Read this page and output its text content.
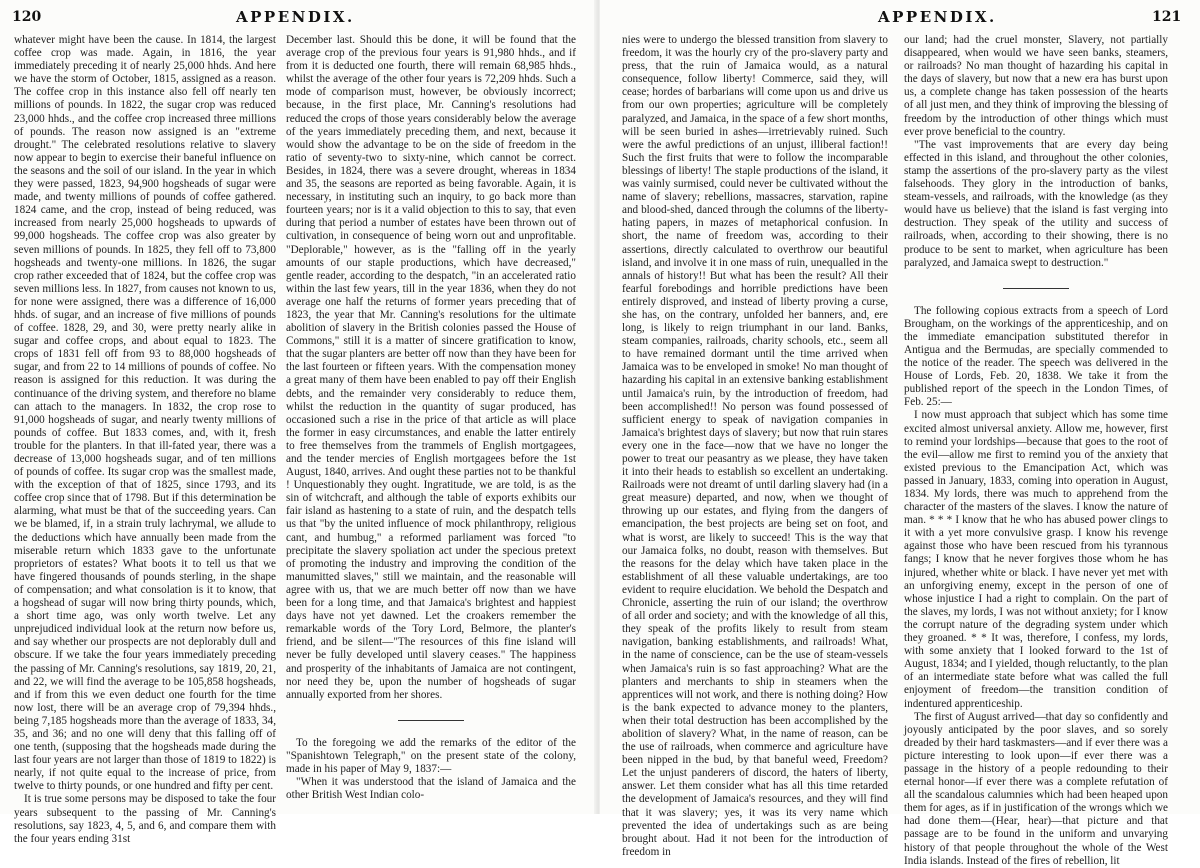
120	APPENDIX.

whatever might have been the cause. In 1814, the largest coffee crop was made. Again, in 1816, the year immediately preceding it of nearly 25,000 hhds. And here we have the storm of October, 1815, assigned as a reason. The coffee crop in this instance also fell off nearly ten millions of pounds. In 1822, the sugar crop was reduced 23,000 hhds., and the coffee crop increased three millions of pounds. The reason now assigned is an "extreme drought." The celebrated resolutions relative to slavery now appear to begin to exercise their baneful influence on the seasons and the soil of our island. In the year in which they were passed, 1823, 94,900 hogsheads of sugar were made, and twenty millions of pounds of coffee gathered. 1824 came, and the crop, instead of being reduced, was increased from nearly 25,000 hogsheads to upwards of 99,000 hogsheads. The coffee crop was also greater by seven millions of pounds. In 1825, they fell off to 73,800 hogsheads and twenty-one millions. In 1826, the sugar crop rather exceeded that of 1824, but the coffee crop was seven millions less. In 1827, from causes not known to us, for none were assigned, there was a difference of 16,000 hhds. of sugar, and an increase of five millions of pounds of coffee. 1828, 29, and 30, were pretty nearly alike in sugar and coffee crops, and about equal to 1823. The crops of 1831 fell off from 93 to 88,000 hogsheads of sugar, and from 22 to 14 millions of pounds of coffee. No reason is assigned for this reduction. It was during the continuance of the driving system, and therefore no blame can attach to the managers. In 1832, the crop rose to 91,000 hogsheads of sugar, and nearly twenty millions of pounds of coffee. But 1833 comes, and, with it, fresh trouble for the planters. In that ill-fated year, there was a decrease of 13,000 hogsheads sugar, and of ten millions of pounds of coffee. Its sugar crop was the smallest made, with the exception of that of 1825, since 1793, and its coffee crop since that of 1798. But if this determination be alarming, what must be that of the succeeding years. Can we be blamed, if, in a strain truly lachrymal, we allude to the deductions which have annually been made from the miserable return which 1833 gave to the unfortunate proprietors of estates? What boots it to tell us that we have fingered thousands of pounds sterling, in the shape of compensation; and what consolation is it to know, that a hogshead of sugar will now bring thirty pounds, which, a short time ago, was only worth twelve. Let any unprejudiced individual look at the return now before us, and say whether our prospects are not deplorably dull and obscure. If we take the four years immediately preceding the passing of Mr. Canning's resolutions, say 1819, 20, 21, and 22, we will find the average to be 105,858 hogsheads, and if from this we even deduct one fourth for the time now lost, there will be an average crop of 79,394 hhds., being 7,185 hogsheads more than the average of 1833, 34, 35, and 36; and no one will deny that this falling off of one tenth, (supposing that the hogsheads made during the last four years are not larger than those of 1819 to 1822) is nearly, if not quite equal to the increase of price, from twelve to thirty pounds, or one hundred and fifty per cent.

It is true some persons may be disposed to take the four years subsequent to the passing of Mr. Canning's resolutions, say 1823, 4, 5, and 6, and compare them with the four years ending 31st

December last. Should this be done, it will be found that the average crop of the previous four years is 91,980 hhds., and if from it is deducted one fourth, there will remain 68,985 hhds., whilst the average of the other four years is 72,209 hhds. Such a mode of comparison must, however, be obviously incorrect; because, in the first place, Mr. Canning's resolutions had reduced the crops of those years considerably below the average of the years immediately preceding them, and next, because it would show the advantage to be on the side of freedom in the ratio of seventy-two to sixty-nine, which cannot be correct. Besides, in 1824, there was a severe drought, whereas in 1834 and 35, the seasons are reported as being favorable. Again, it is necessary, in instituting such an inquiry, to go back more than fourteen years; nor is it a valid objection to this to say, that even during that period a number of estates have been thrown out of cultivation, in consequence of being worn out and unprofitable. "Deplorable," however, as is the "falling off in the yearly amounts of our staple productions, which have decreased," gentle reader, according to the despatch, "in an accelerated ratio within the last few years, till in the year 1836, when they do not average one half the returns of former years preceding that of 1823, the year that Mr. Canning's resolutions for the ultimate abolition of slavery in the British colonies passed the House of Commons," still it is a matter of sincere gratification to know, that the sugar planters are better off now than they have been for the last fourteen or fifteen years. With the compensation money a great many of them have been enabled to pay off their English debts, and the remainder very considerably to reduce them, whilst the reduction in the quantity of sugar produced, has occasioned such a rise in the price of that article as will place the former in easy circumstances, and enable the latter entirely to free themselves from the trammels of English mortgagees, and the tender mercies of English mortgagees before the 1st August, 1840, arrives. And ought these parties not to be thankful ! Unquestionably they ought. Ingratitude, we are told, is as the sin of witchcraft, and although the table of exports exhibits our fair island as hastening to a state of ruin, and the despatch tells us that "by the united influence of mock philanthropy, religious cant, and humbug," a reformed parliament was forced "to precipitate the slavery spoliation act under the specious pretext of promoting the industry and improving the condition of the manumitted slaves," still we maintain, and the reasonable will agree with us, that we are much better off now than we have been for a long time, and that Jamaica's brightest and happiest days have not yet dawned. Let the croakers remember the remarkable words of the Tory Lord, Belmore, the planter's friend, and be silent—"The resources of this fine island will never be fully developed until slavery ceases." The happiness and prosperity of the inhabitants of Jamaica are not contingent, nor need they be, upon the number of hogsheads of sugar annually exported from her shores.

To the foregoing we add the remarks of the editor of the "Spanishtown Telegraph," on the present state of the colony, made in his paper of May 9, 1837:—

"When it was understood that the island of Jamaica and the other British West Indian colo-

APPENDIX.	121

nies were to undergo the blessed transition from slavery to freedom, it was the hourly cry of the pro-slavery party and press, that the ruin of Jamaica would, as a natural consequence, follow liberty! Commerce, said they, will cease; hordes of barbarians will come upon us and drive us from our own properties; agriculture will be completely paralyzed, and Jamaica, in the space of a few short months, will be seen buried in ashes—irretrievably ruined. Such were the awful predictions of an unjust, illiberal faction!! Such the first fruits that were to follow the incomparable blessings of liberty! The staple productions of the island, it was vainly surmised, could never be cultivated without the name of slavery; rebellions, massacres, starvation, rapine and blood-shed, danced through the columns of the liberty-hating papers, in mazes of metaphorical confusion. In short, the name of freedom was, according to their assertions, directly calculated to overthrow our beautiful island, and involve it in one mass of ruin, unequalled in the annals of history!! But what has been the result? All their fearful forebodings and horrible predictions have been entirely disproved, and instead of liberty proving a curse, she has, on the contrary, unfolded her banners, and, ere long, is likely to reign triumphant in our land. Banks, steam companies, railroads, charity schools, etc., seem all to have remained dormant until the time arrived when Jamaica was to be enveloped in smoke! No man thought of hazarding his capital in an extensive banking establishment until Jamaica's ruin, by the introduction of freedom, had been accomplished!! No person was found possessed of sufficient energy to speak of navigation companies in Jamaica's brightest days of slavery; but now that ruin stares every one in the face—now that we have no longer the power to treat our peasantry as we please, they have taken it into their heads to establish so excellent an undertaking. Railroads were not dreamt of until darling slavery had (in a great measure) departed, and now, when we thought of throwing up our estates, and flying from the dangers of emancipation, the best projects are being set on foot, and what is worst, are likely to succeed! This is the way that our Jamaica folks, no doubt, reason with themselves. But the reasons for the delay which have taken place in the establishment of all these valuable undertakings, are too evident to require elucidation. We behold the Despatch and Chronicle, asserting the ruin of our island; the overthrow of all order and society; and with the knowledge of all this, they speak of the profits likely to result from steam navigation, banking establishments, and railroads! What, in the name of conscience, can be the use of steam-vessels when Jamaica's ruin is so fast approaching? What are the planters and merchants to ship in steamers when the apprentices will not work, and there is nothing doing? How is the bank expected to advance money to the planters, when their total destruction has been accomplished by the abolition of slavery? What, in the name of reason, can be the use of railroads, when commerce and agriculture have been nipped in the bud, by that baneful weed, Freedom? Let the unjust panderers of discord, the haters of liberty, answer. Let them consider what has all this time retarded the development of Jamaica's resources, and they will find that it was slavery; yes, it was its very name which prevented the idea of undertakings such as are being brought about. Had it not been for the introduction of freedom in

our land; had the cruel monster, Slavery, not partially disappeared, when would we have seen banks, steamers, or railroads? No man thought of hazarding his capital in the days of slavery, but now that a new era has burst upon us, a complete change has taken possession of the hearts of all just men, and they think of improving the blessing of freedom by the introduction of other things which must ever prove beneficial to the country.

"The vast improvements that are every day being effected in this island, and throughout the other colonies, stamp the assertions of the pro-slavery party as the vilest falsehoods. They glory in the introduction of banks, steam-vessels, and railroads, with the knowledge (as they would have us believe) that the island is fast verging into destruction. They speak of the utility and success of railroads, when, according to their showing, there is no produce to be sent to market, when agriculture has been paralyzed, and Jamaica swept to destruction."

The following copious extracts from a speech of Lord Brougham, on the workings of the apprenticeship, and on the immediate emancipation substituted therefor in Antigua and the Bermudas, are specially commended to the notice of the reader. The speech was delivered in the House of Lords, Feb. 20, 1838. We take it from the published report of the speech in the London Times, of Feb. 25:—

I now must approach that subject which has some time excited almost universal anxiety. Allow me, however, first to remind your lordships—because that goes to the root of the evil—allow me first to remind you of the anxiety that existed previous to the Emancipation Act, which was passed in January, 1833, coming into operation in August, 1834. My lords, there was much to apprehend from the character of the masters of the slaves. I know the nature of man. * * * I know that he who has abused power clings to it with a yet more convulsive grasp. I know his revenge against those who have been rescued from his tyrannous fangs; I know that he never forgives those whom he has injured, whether white or black. I have never yet met with an unforgiving enemy, except in the person of one of whose injustice I had a right to complain. On the part of the slaves, my lords, I was not without anxiety; for I know the corrupt nature of the degrading system under which they groaned. * * It was, therefore, I confess, my lords, with some anxiety that I looked forward to the 1st of August, 1834; and I yielded, though reluctantly, to the plan of an intermediate state before what was called the full enjoyment of freedom—the transition condition of indentured apprenticeship.

The first of August arrived—that day so confidently and joyously anticipated by the poor slaves, and so sorely dreaded by their hard taskmasters—and if ever there was a picture interesting to look upon—if ever there was a passage in the history of a people redounding to their eternal honor—if ever there was a complete refutation of all the scandalous calumnies which had been heaped upon them for ages, as if in justification of the wrongs which we had done them—(Hear, hear)—that picture and that passage are to be found in the uniform and unvarying history of that people throughout the whole of the West India islands. Instead of the fires of rebellion, lit
